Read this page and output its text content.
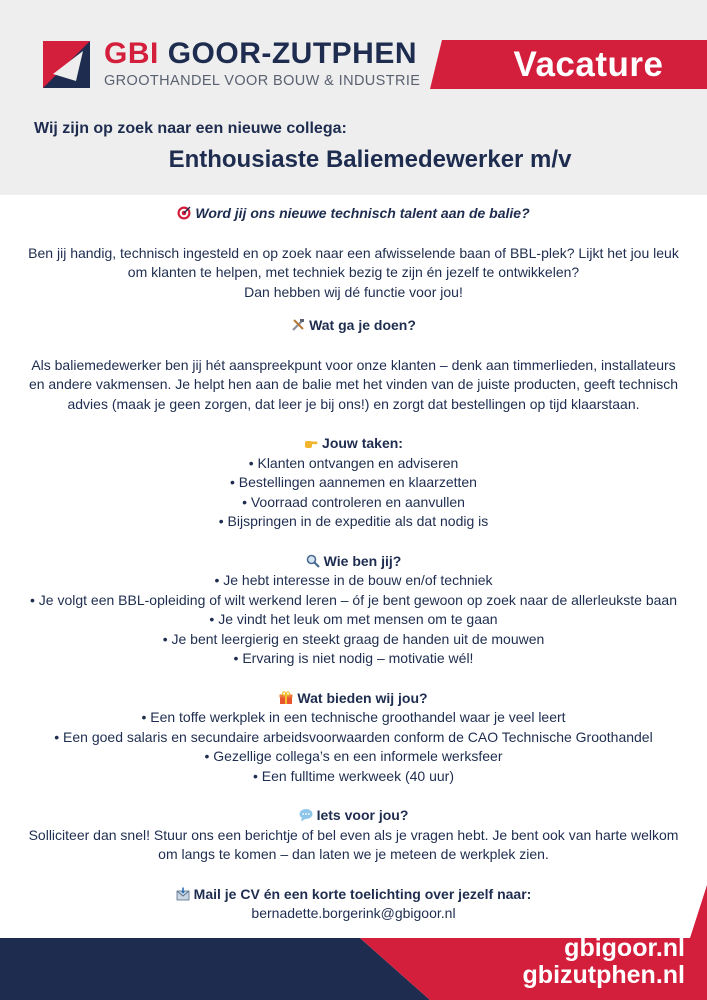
GBI GOOR-ZUTPHEN
GROOTHANDEL VOOR BOUW & INDUSTRIE	Vacature
Wij zijn op zoek naar een nieuwe collega:
Enthousiaste Baliemedewerker m/v

Word jij ons nieuwe technisch talent aan de balie?

Ben jij handig, technisch ingesteld en op zoek naar een afwisselende baan of BBL-plek? Lijkt het jou leuk

om klanten te helpen, met techniek bezig te zijn én jezelf te ontwikkelen?

Dan hebben wij dé functie voor jou!

Wat ga je doen?

Als baliemedewerker ben jij hét aanspreekpunt voor onze klanten – denk aan timmerlieden, installateurs

en andere vakmensen. Je helpt hen aan de balie met het vinden van de juiste producten, geeft technisch

advies (maak je geen zorgen, dat leer je bij ons!) en zorgt dat bestellingen op tijd klaarstaan.

Jouw taken:

• Klanten ontvangen en adviseren

• Bestellingen aannemen en klaarzetten

• Voorraad controleren en aanvullen

• Bijspringen in de expeditie als dat nodig is

Wie ben jij?

• Je hebt interesse in de bouw en/of techniek

• Je volgt een BBL-opleiding of wilt werkend leren – óf je bent gewoon op zoek naar de allerleukste baan

• Je vindt het leuk om met mensen om te gaan

• Je bent leergierig en steekt graag de handen uit de mouwen

• Ervaring is niet nodig – motivatie wél!

Wat bieden wij jou?

• Een toffe werkplek in een technische groothandel waar je veel leert

• Een goed salaris en secundaire arbeidsvoorwaarden conform de CAO Technische Groothandel

• Gezellige collega’s en een informele werksfeer

• Een fulltime werkweek (40 uur)

Iets voor jou?

Solliciteer dan snel! Stuur ons een berichtje of bel even als je vragen hebt. Je bent ook van harte welkom

om langs te komen – dan laten we je meteen de werkplek zien.

Mail je CV én een korte toelichting over jezelf naar:

bernadette.borgerink@gbigoor.nl

gbigoor.nl
gbizutphen.nl
